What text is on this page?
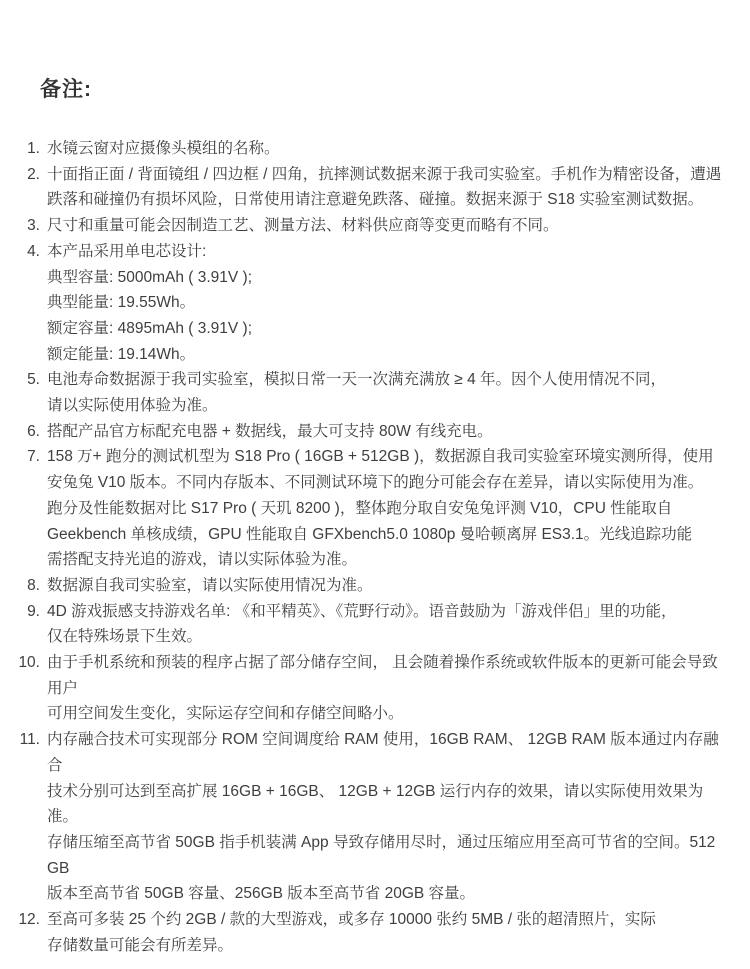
备注:
1. 水镜云窗对应摄像头模组的名称。
2. 十面指正面 / 背面镜组 / 四边框 / 四角，抗摔测试数据来源于我司实验室。手机作为精密设备，遭遇
跌落和碰撞仍有损坏风险，日常使用请注意避免跌落、碰撞。数据来源于 S18 实验室测试数据。
3. 尺寸和重量可能会因制造工艺、测量方法、材料供应商等变更而略有不同。
4. 本产品采用单电芯设计:
典型容量: 5000mAh ( 3.91V );
典型能量: 19.55Wh。
额定容量: 4895mAh ( 3.91V );
额定能量: 19.14Wh。
5. 电池寿命数据源于我司实验室，模拟日常一天一次满充满放 ≥ 4 年。因个人使用情况不同，
请以实际使用体验为准。
6. 搭配产品官方标配充电器 + 数据线，最大可支持 80W 有线充电。
7. 158 万+ 跑分的测试机型为 S18 Pro ( 16GB + 512GB )，数据源自我司实验室环境实测所得，使用
安兔兔 V10 版本。不同内存版本、不同测试环境下的跑分可能会存在差异，请以实际使用为准。
跑分及性能数据对比 S17 Pro ( 天玑 8200 )，整体跑分取自安兔兔评测 V10，CPU 性能取自
Geekbench 单核成绩，GPU 性能取自 GFXbench5.0 1080p 曼哈顿离屏 ES3.1。光线追踪功能
需搭配支持光追的游戏，请以实际体验为准。
8. 数据源自我司实验室，请以实际使用情况为准。
9. 4D 游戏振感支持游戏名单: 《和平精英》、《荒野行动》。语音鼓励为「游戏伴侣」里的功能，
仅在特殊场景下生效。
10. 由于手机系统和预装的程序占据了部分储存空间， 且会随着操作系统或软件版本的更新可能会导致用户
可用空间发生变化，实际运存空间和存储空间略小。
11. 内存融合技术可实现部分 ROM 空间调度给 RAM 使用，16GB RAM、 12GB RAM 版本通过内存融合
技术分别可达到至高扩展 16GB + 16GB、 12GB + 12GB 运行内存的效果，请以实际使用效果为准。
存储压缩至高节省 50GB 指手机装满 App 导致存储用尽时，通过压缩应用至高可节省的空间。512GB
版本至高节省 50GB 容量、256GB 版本至高节省 20GB 容量。
12. 至高可多装 25 个约 2GB / 款的大型游戏，或多存 10000 张约 5MB / 张的超清照片，实际
存储数量可能会有所差异。
